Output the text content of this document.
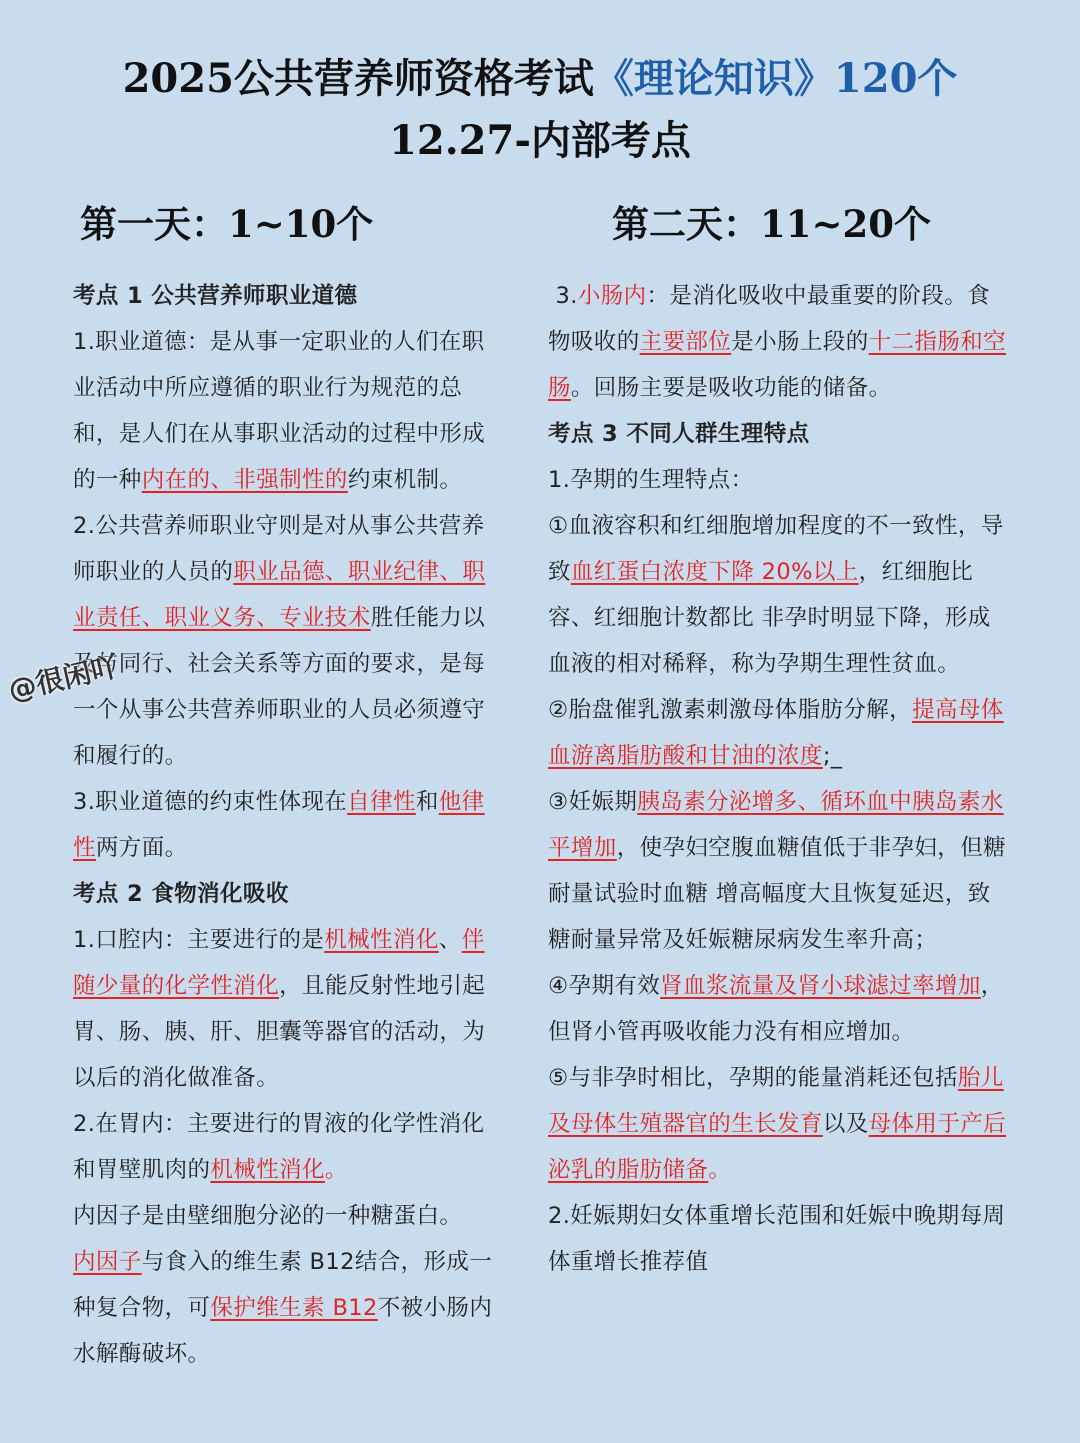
2025公共营养师资格考试《理论知识》120个
12.27-内部考点
第一天：1~10个	第二天：11~20个

考点 1 公共营养师职业道德

1.职业道德：是从事一定职业的人们在职业活动中所应遵循的职业行为规范的总和，是人们在从事职业活动的过程中形成的一种内在的、非强制性的约束机制。

2.公共营养师职业守则是对从事公共营养师职业的人员的职业品德、职业纪律、职业责任、职业义务、专业技术胜任能力以及与同行、社会关系等方面的要求，是每一个从事公共营养师职业的人员必须遵守和履行的。

3.职业道德的约束性体现在自律性和他律性两方面。

考点 2 食物消化吸收

1.口腔内：主要进行的是机械性消化、伴随少量的化学性消化，且能反射性地引起胃、肠、胰、肝、胆囊等器官的活动，为以后的消化做准备。

2.在胃内：主要进行的胃液的化学性消化和胃壁肌肉的机械性消化。

内因子是由壁细胞分泌的一种糖蛋白。

内因子与食入的维生素 B12结合，形成一种复合物，可保护维生素 B12不被小肠内水解酶破坏。

3.小肠内：是消化吸收中最重要的阶段。食物吸收的主要部位是小肠上段的十二指肠和空肠。回肠主要是吸收功能的储备。

考点 3 不同人群生理特点

1.孕期的生理特点：

①血液容积和红细胞增加程度的不一致性，导致血红蛋白浓度下降 20%以上，红细胞比容、红细胞计数都比 非孕时明显下降，形成血液的相对稀释，称为孕期生理性贫血。

②胎盘催乳激素刺激母体脂肪分解，提高母体血游离脂肪酸和甘油的浓度;_

③妊娠期胰岛素分泌增多、循环血中胰岛素水平增加，使孕妇空腹血糖值低于非孕妇，但糖耐量试验时血糖 增高幅度大且恢复延迟，致糖耐量异常及妊娠糖尿病发生率升高；

④孕期有效肾血浆流量及肾小球滤过率增加，但肾小管再吸收能力没有相应增加。

⑤与非孕时相比，孕期的能量消耗还包括胎儿及母体生殖器官的生长发育以及母体用于产后泌乳的脂肪储备。

2.妊娠期妇女体重增长范围和妊娠中晚期每周体重增长推荐值

@很闲吖
